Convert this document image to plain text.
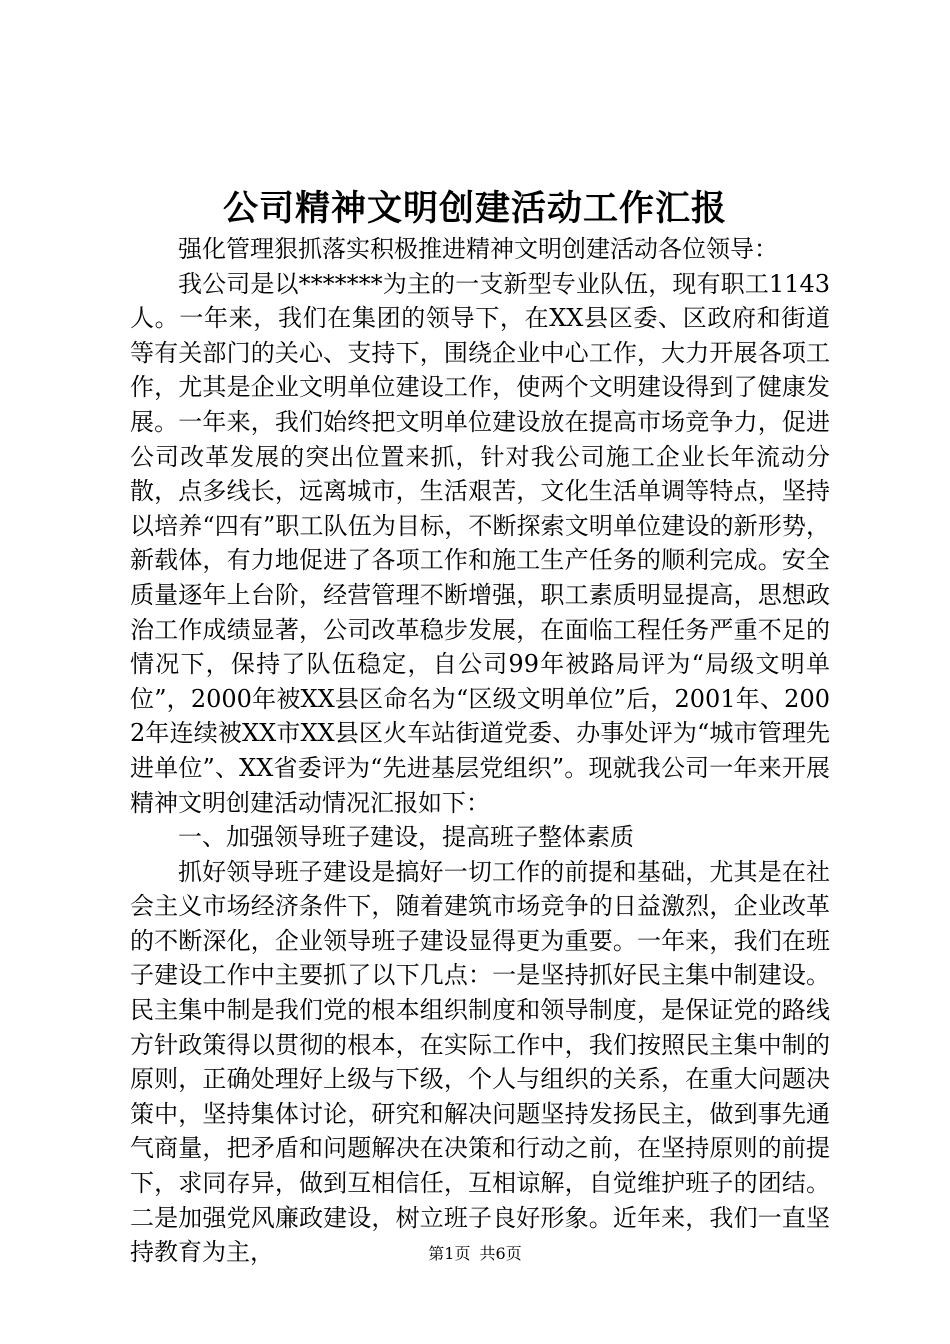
公司精神文明创建活动工作汇报

强化管理狠抓落实积极推进精神文明创建活动各位领导：

我公司是以*******为主的一支新型专业队伍，现有职工1143人。一年来，我们在集团的领导下，在XX县区委、区政府和街道等有关部门的关心、支持下，围绕企业中心工作，大力开展各项工作，尤其是企业文明单位建设工作，使两个文明建设得到了健康发展。一年来，我们始终把文明单位建设放在提高市场竞争力，促进公司改革发展的突出位置来抓，针对我公司施工企业长年流动分散，点多线长，远离城市，生活艰苦，文化生活单调等特点，坚持以培养“四有”职工队伍为目标，不断探索文明单位建设的新形势，新载体，有力地促进了各项工作和施工生产任务的顺利完成。安全质量逐年上台阶，经营管理不断增强，职工素质明显提高，思想政治工作成绩显著，公司改革稳步发展，在面临工程任务严重不足的情况下，保持了队伍稳定，自公司99年被路局评为“局级文明单位”，2000年被XX县区命名为“区级文明单位”后，2001年、2002年连续被XX市XX县区火车站街道党委、办事处评为“城市管理先进单位”、XX省委评为“先进基层党组织”。现就我公司一年来开展精神文明创建活动情况汇报如下：

一、加强领导班子建设，提高班子整体素质

抓好领导班子建设是搞好一切工作的前提和基础，尤其是在社会主义市场经济条件下，随着建筑市场竞争的日益激烈，企业改革的不断深化，企业领导班子建设显得更为重要。一年来，我们在班子建设工作中主要抓了以下几点：一是坚持抓好民主集中制建设。民主集中制是我们党的根本组织制度和领导制度，是保证党的路线方针政策得以贯彻的根本，在实际工作中，我们按照民主集中制的原则，正确处理好上级与下级，个人与组织的关系，在重大问题决策中，坚持集体讨论，研究和解决问题坚持发扬民主，做到事先通气商量，把矛盾和问题解决在决策和行动之前，在坚持原则的前提下，求同存异，做到互相信任，互相谅解，自觉维护班子的团结。二是加强党风廉政建设，树立班子良好形象。近年来，我们一直坚持教育为主，	第1页 共6页
